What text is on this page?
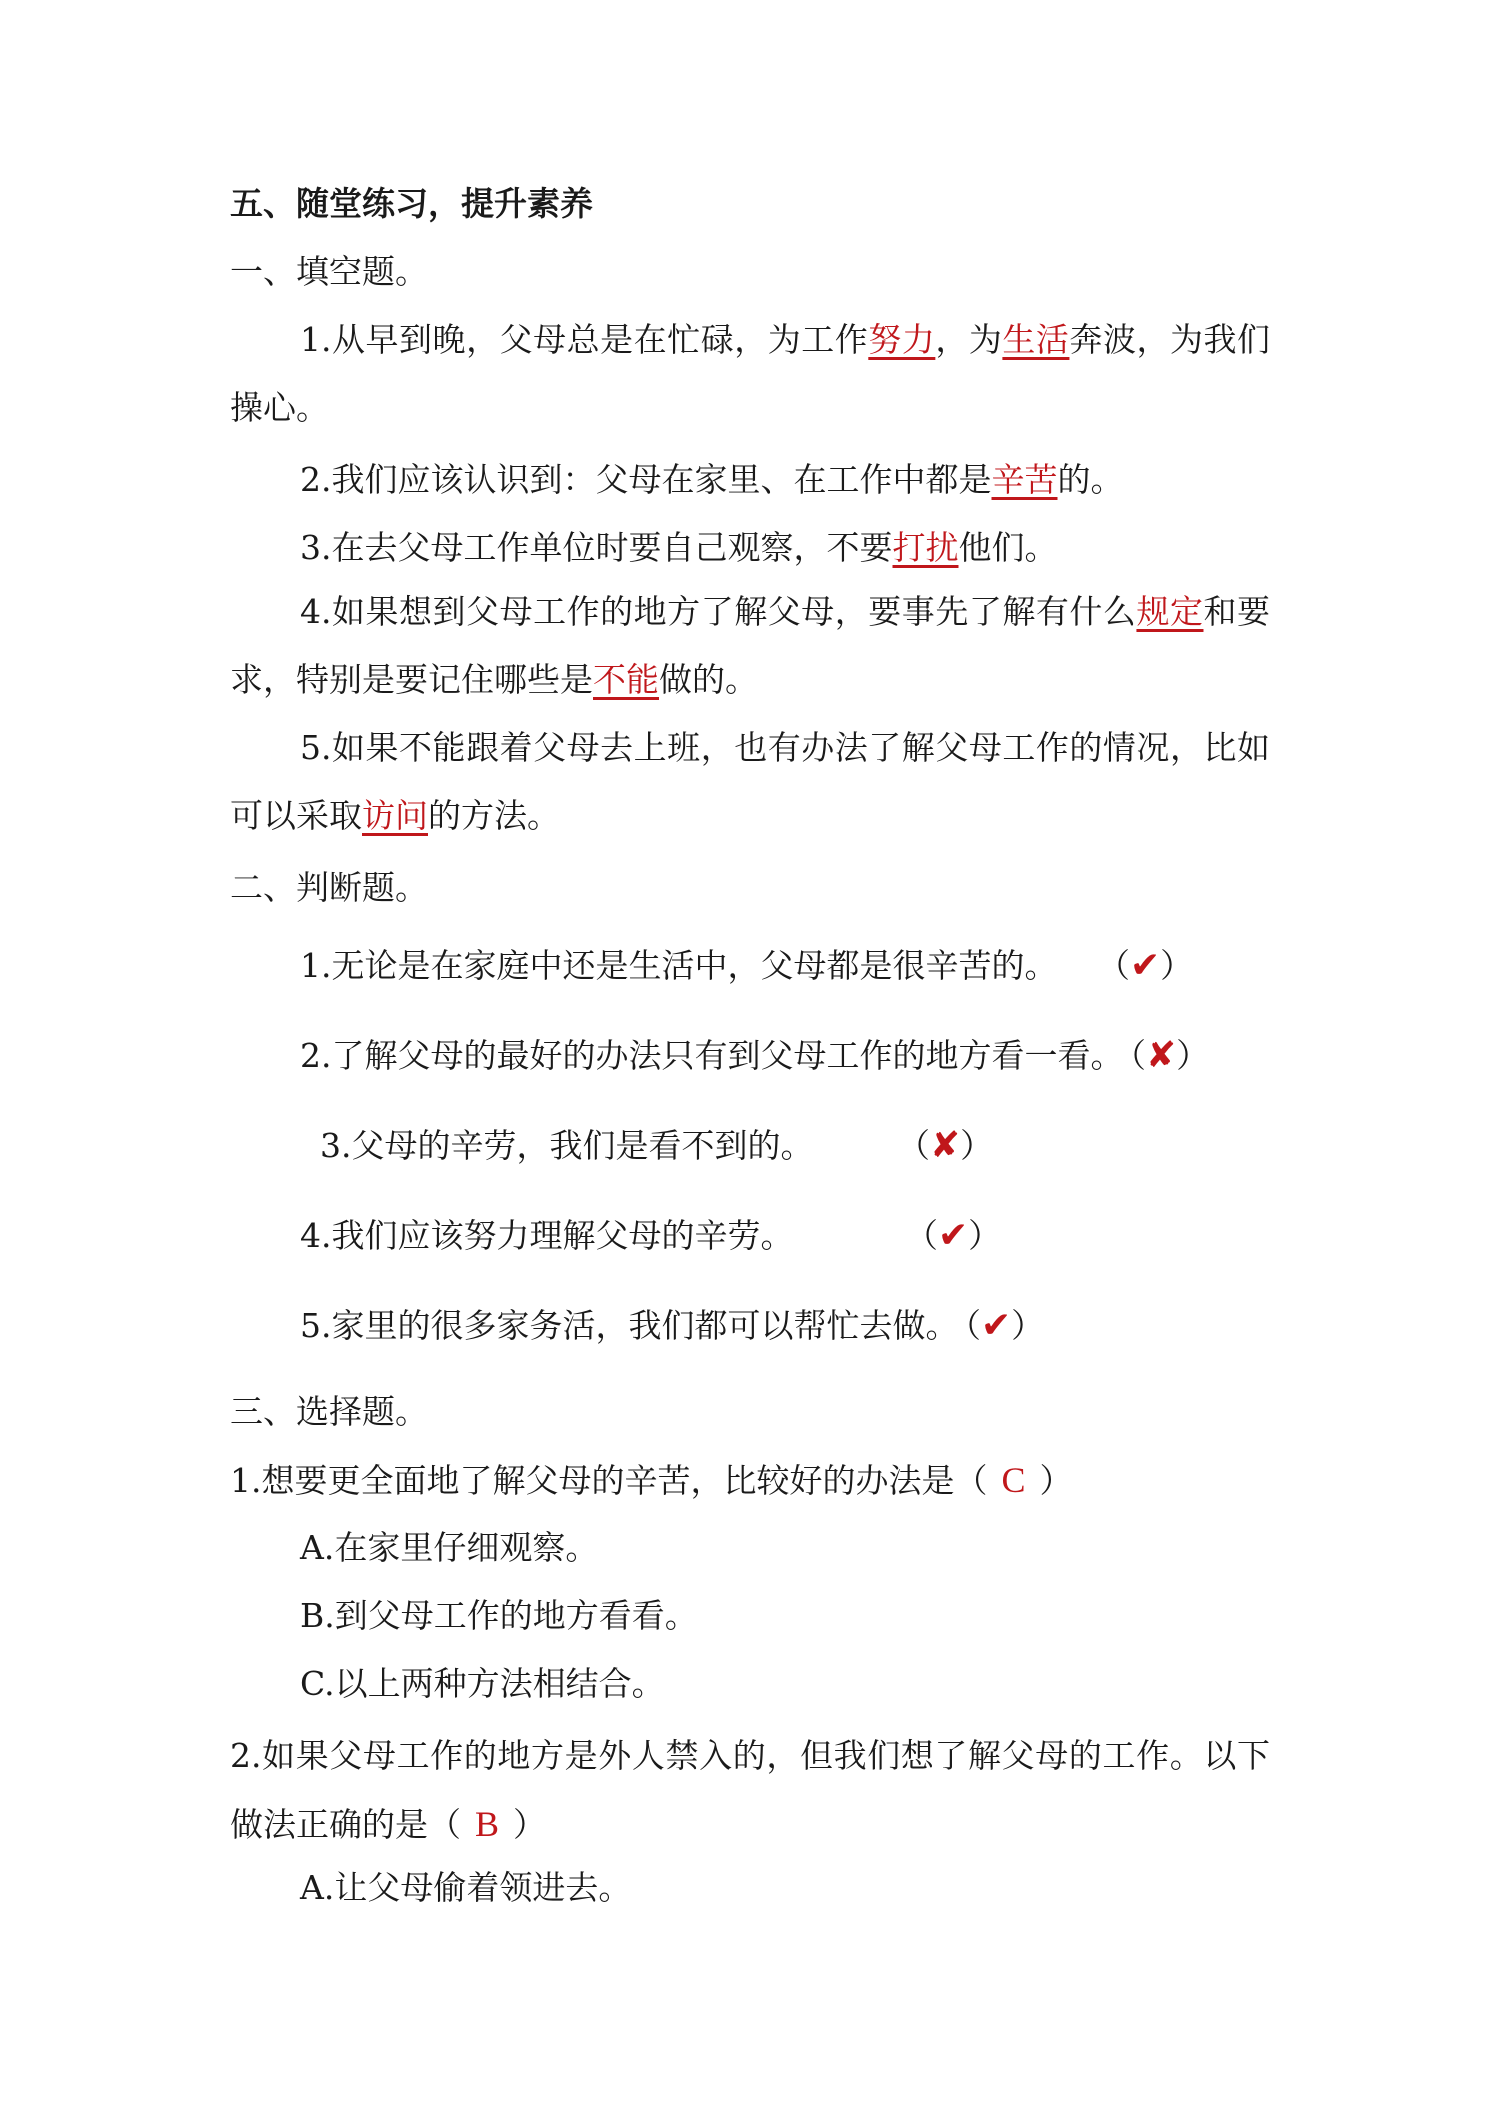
五、随堂练习，提升素养
一、填空题。
1.从早到晚，父母总是在忙碌，为工作努力，为生活奔波，为我们操心。
2.我们应该认识到：父母在家里、在工作中都是辛苦的。
3.在去父母工作单位时要自己观察，不要打扰他们。
4.如果想到父母工作的地方了解父母，要事先了解有什么规定和要求，特别是要记住哪些是不能做的。
5.如果不能跟着父母去上班，也有办法了解父母工作的情况，比如可以采取访问的方法。
二、判断题。
1.无论是在家庭中还是生活中，父母都是很辛苦的。 （✔）
2.了解父母的最好的办法只有到父母工作的地方看一看。 （✘）
3.父母的辛劳，我们是看不到的。	（✘）
4.我们应该努力理解父母的辛劳。	（✔）
5.家里的很多家务活，我们都可以帮忙去做。 （✔）
三、选择题。
1.想要更全面地了解父母的辛苦，比较好的办法是（ C ）
A.在家里仔细观察。
B.到父母工作的地方看看。
C.以上两种方法相结合。
2.如果父母工作的地方是外人禁入的，但我们想了解父母的工作。以下做法正确的是（ B ）
A.让父母偷着领进去。
